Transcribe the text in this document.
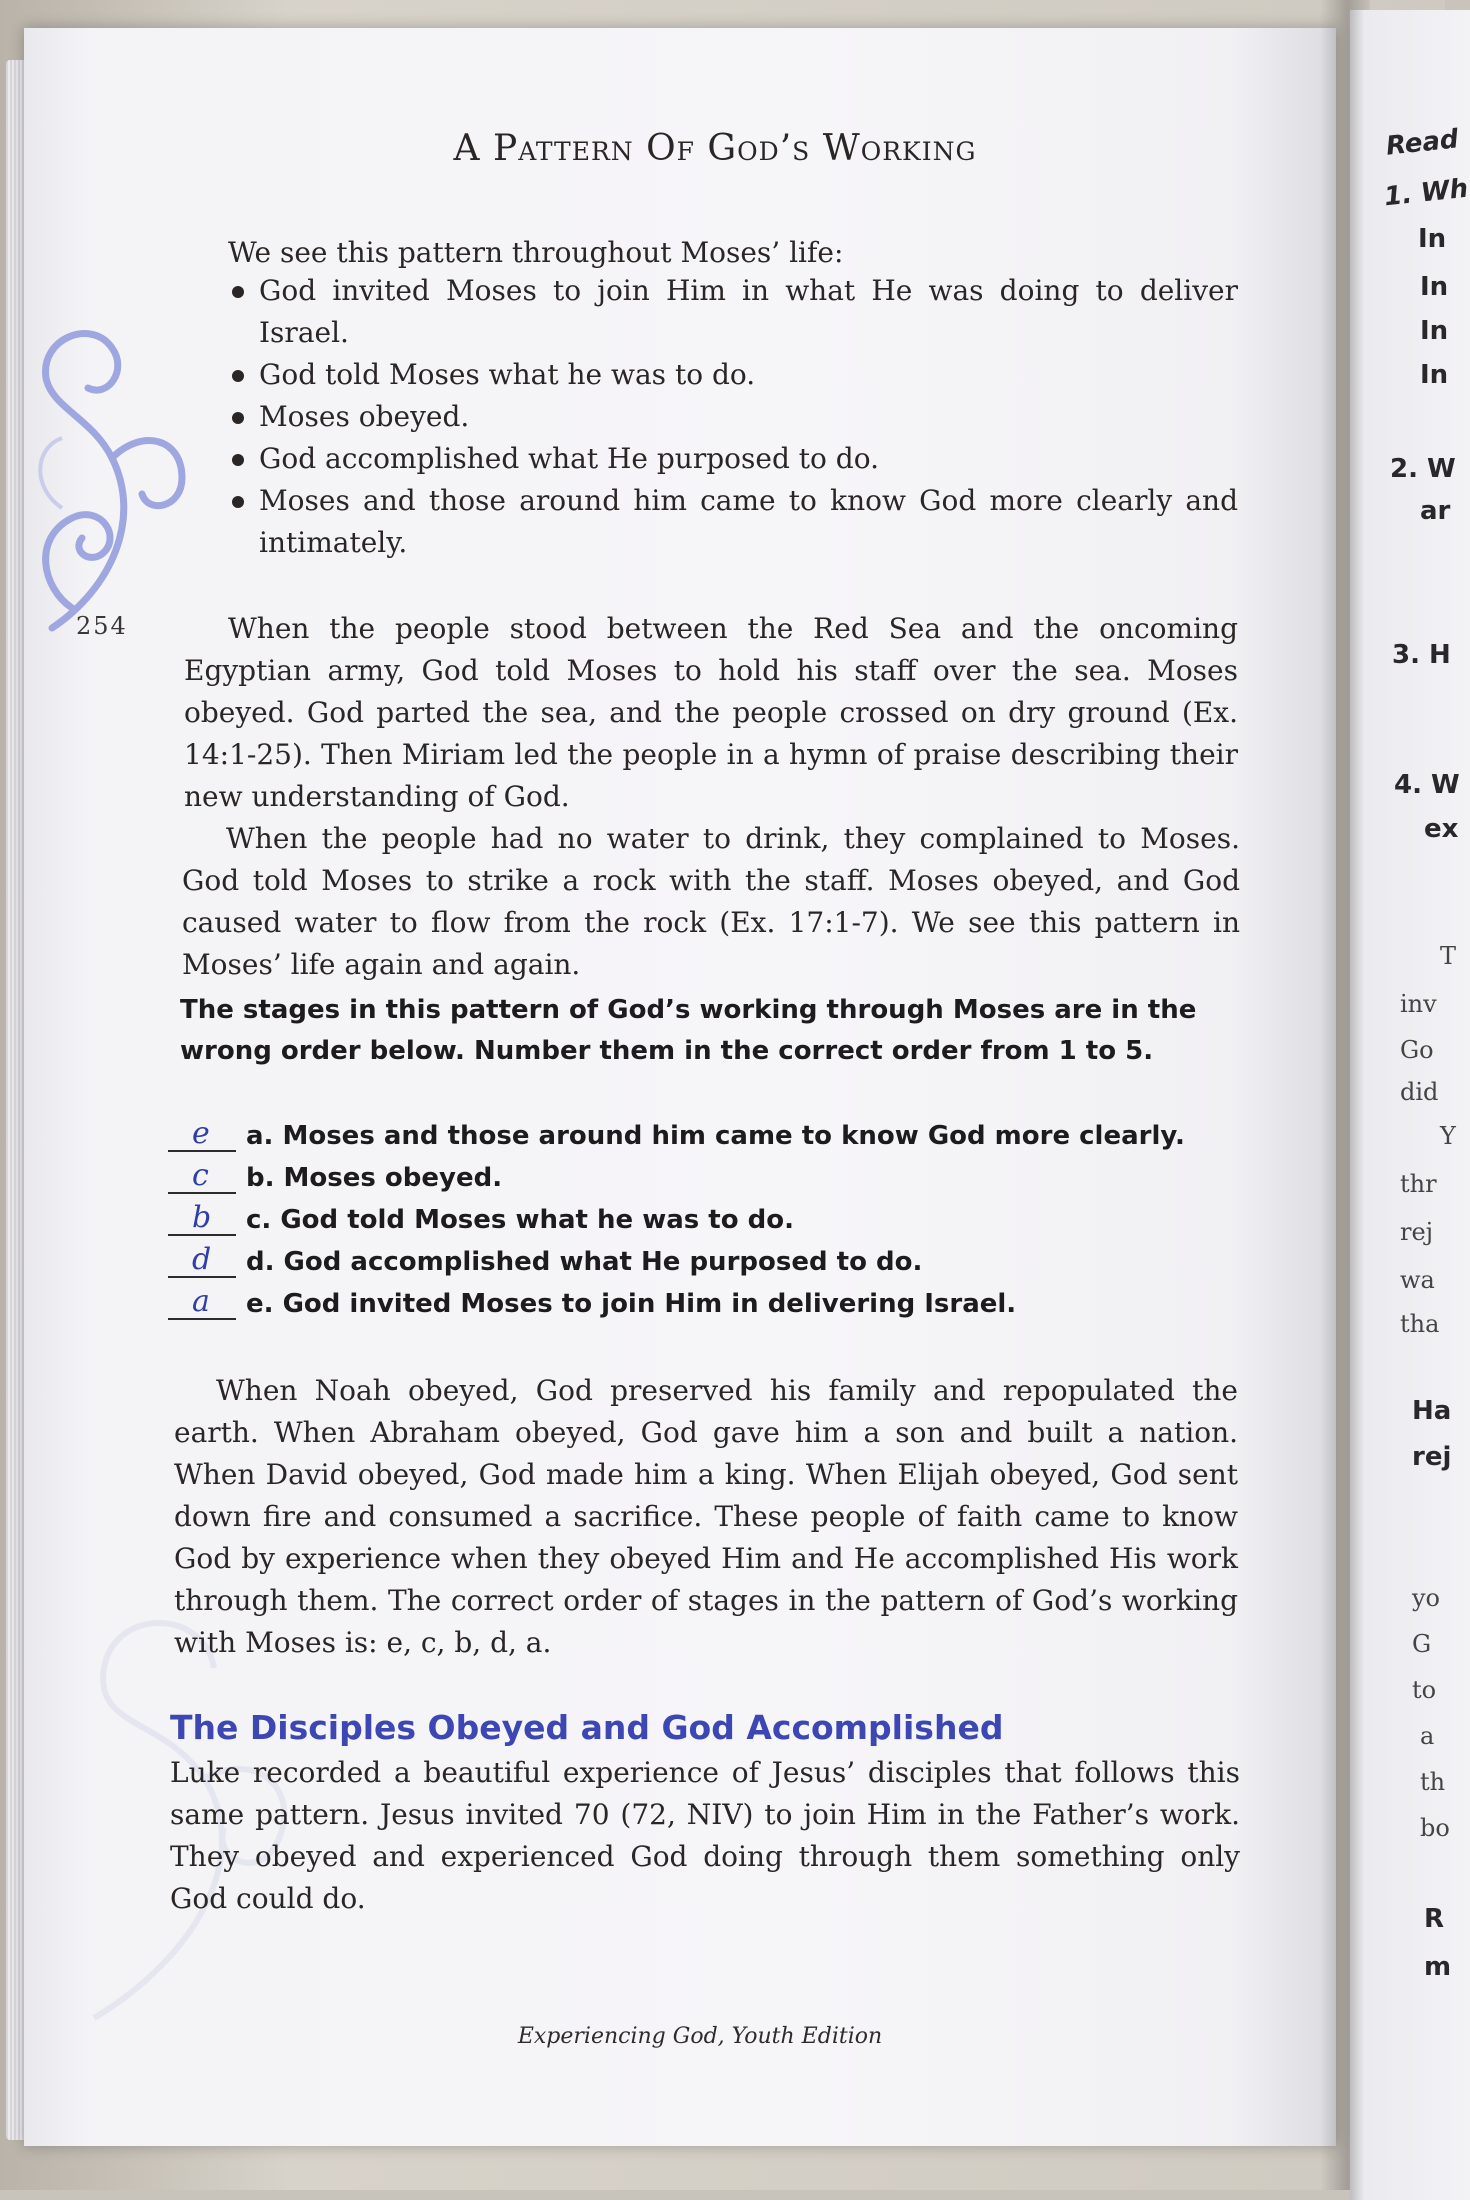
Read
1. Wh
In
In
In
In
2. W
ar
3. H
4. W
ex
T
inv
Go
did
Y
thr
rej
wa
tha
Ha
rej
yo
G
to
a
th
bo
R
m
A Pattern Of God’s Working

We see this pattern throughout Moses’ life:

God invited Moses to join Him in what He was doing to deliver Israel.
God told Moses what he was to do.
Moses obeyed.
God accomplished what He purposed to do.
Moses and those around him came to know God more clearly and intimately.
254	When the people stood between the Red Sea and the oncoming Egyptian army, God told Moses to hold his staff over the sea. Moses obeyed. God parted the sea, and the people crossed on dry ground (Ex. 14:1-25). Then Miriam led the people in a hymn of praise describing their new understanding of God.

When the people had no water to drink, they complained to Moses. God told Moses to strike a rock with the staff. Moses obeyed, and God caused water to flow from the rock (Ex. 17:1-7). We see this pattern in Moses’ life again and again.

The stages in this pattern of God’s working through Moses are in the wrong order below. Number them in the correct order from 1 to 5.

e a. Moses and those around him came to know God more clearly.
c b. Moses obeyed.
b c. God told Moses what he was to do.
d d. God accomplished what He purposed to do.
a e. God invited Moses to join Him in delivering Israel.

When Noah obeyed, God preserved his family and repopulated the earth. When Abraham obeyed, God gave him a son and built a nation. When David obeyed, God made him a king. When Elijah obeyed, God sent down fire and consumed a sacrifice. These people of faith came to know God by experience when they obeyed Him and He accomplished His work through them. The correct order of stages in the pattern of God’s working with Moses is: e, c, b, d, a.

The Disciples Obeyed and God Accomplished

Luke recorded a beautiful experience of Jesus’ disciples that follows this same pattern. Jesus invited 70 (72, NIV) to join Him in the Father’s work. They obeyed and experienced God doing through them something only God could do.

Experiencing God, Youth Edition
